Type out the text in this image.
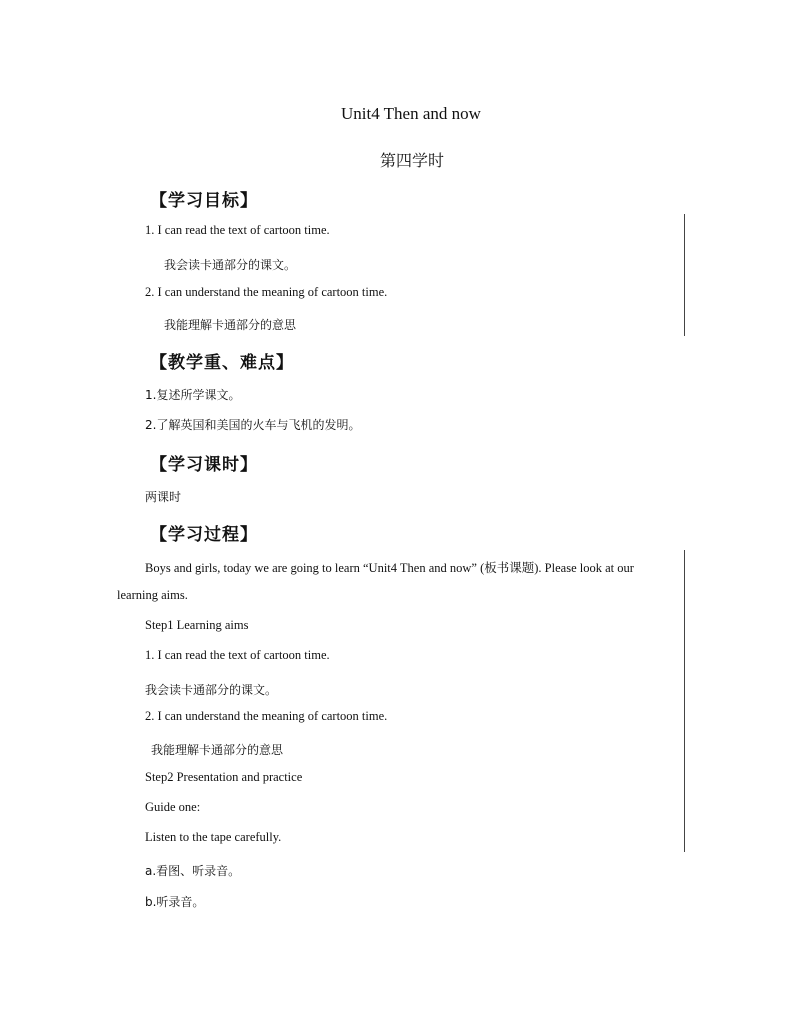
Unit4 Then and now
第四学时
【学习目标】
1. I can read the text of cartoon time.
我会读卡通部分的课文。
2. I can understand the meaning of cartoon time.
我能理解卡通部分的意思
【教学重、难点】
1.复述所学课文。
2.了解英国和美国的火车与飞机的发明。
【学习课时】
两课时
【学习过程】
Boys and girls, today we are going to learn “Unit4 Then and now” (板书课题). Please look at our
learning aims.
Step1 Learning aims
1. I can read the text of cartoon time.
我会读卡通部分的课文。
2. I can understand the meaning of cartoon time.
我能理解卡通部分的意思
Step2 Presentation and practice
Guide one:
Listen to the tape carefully.
a.看图、听录音。
b.听录音。
